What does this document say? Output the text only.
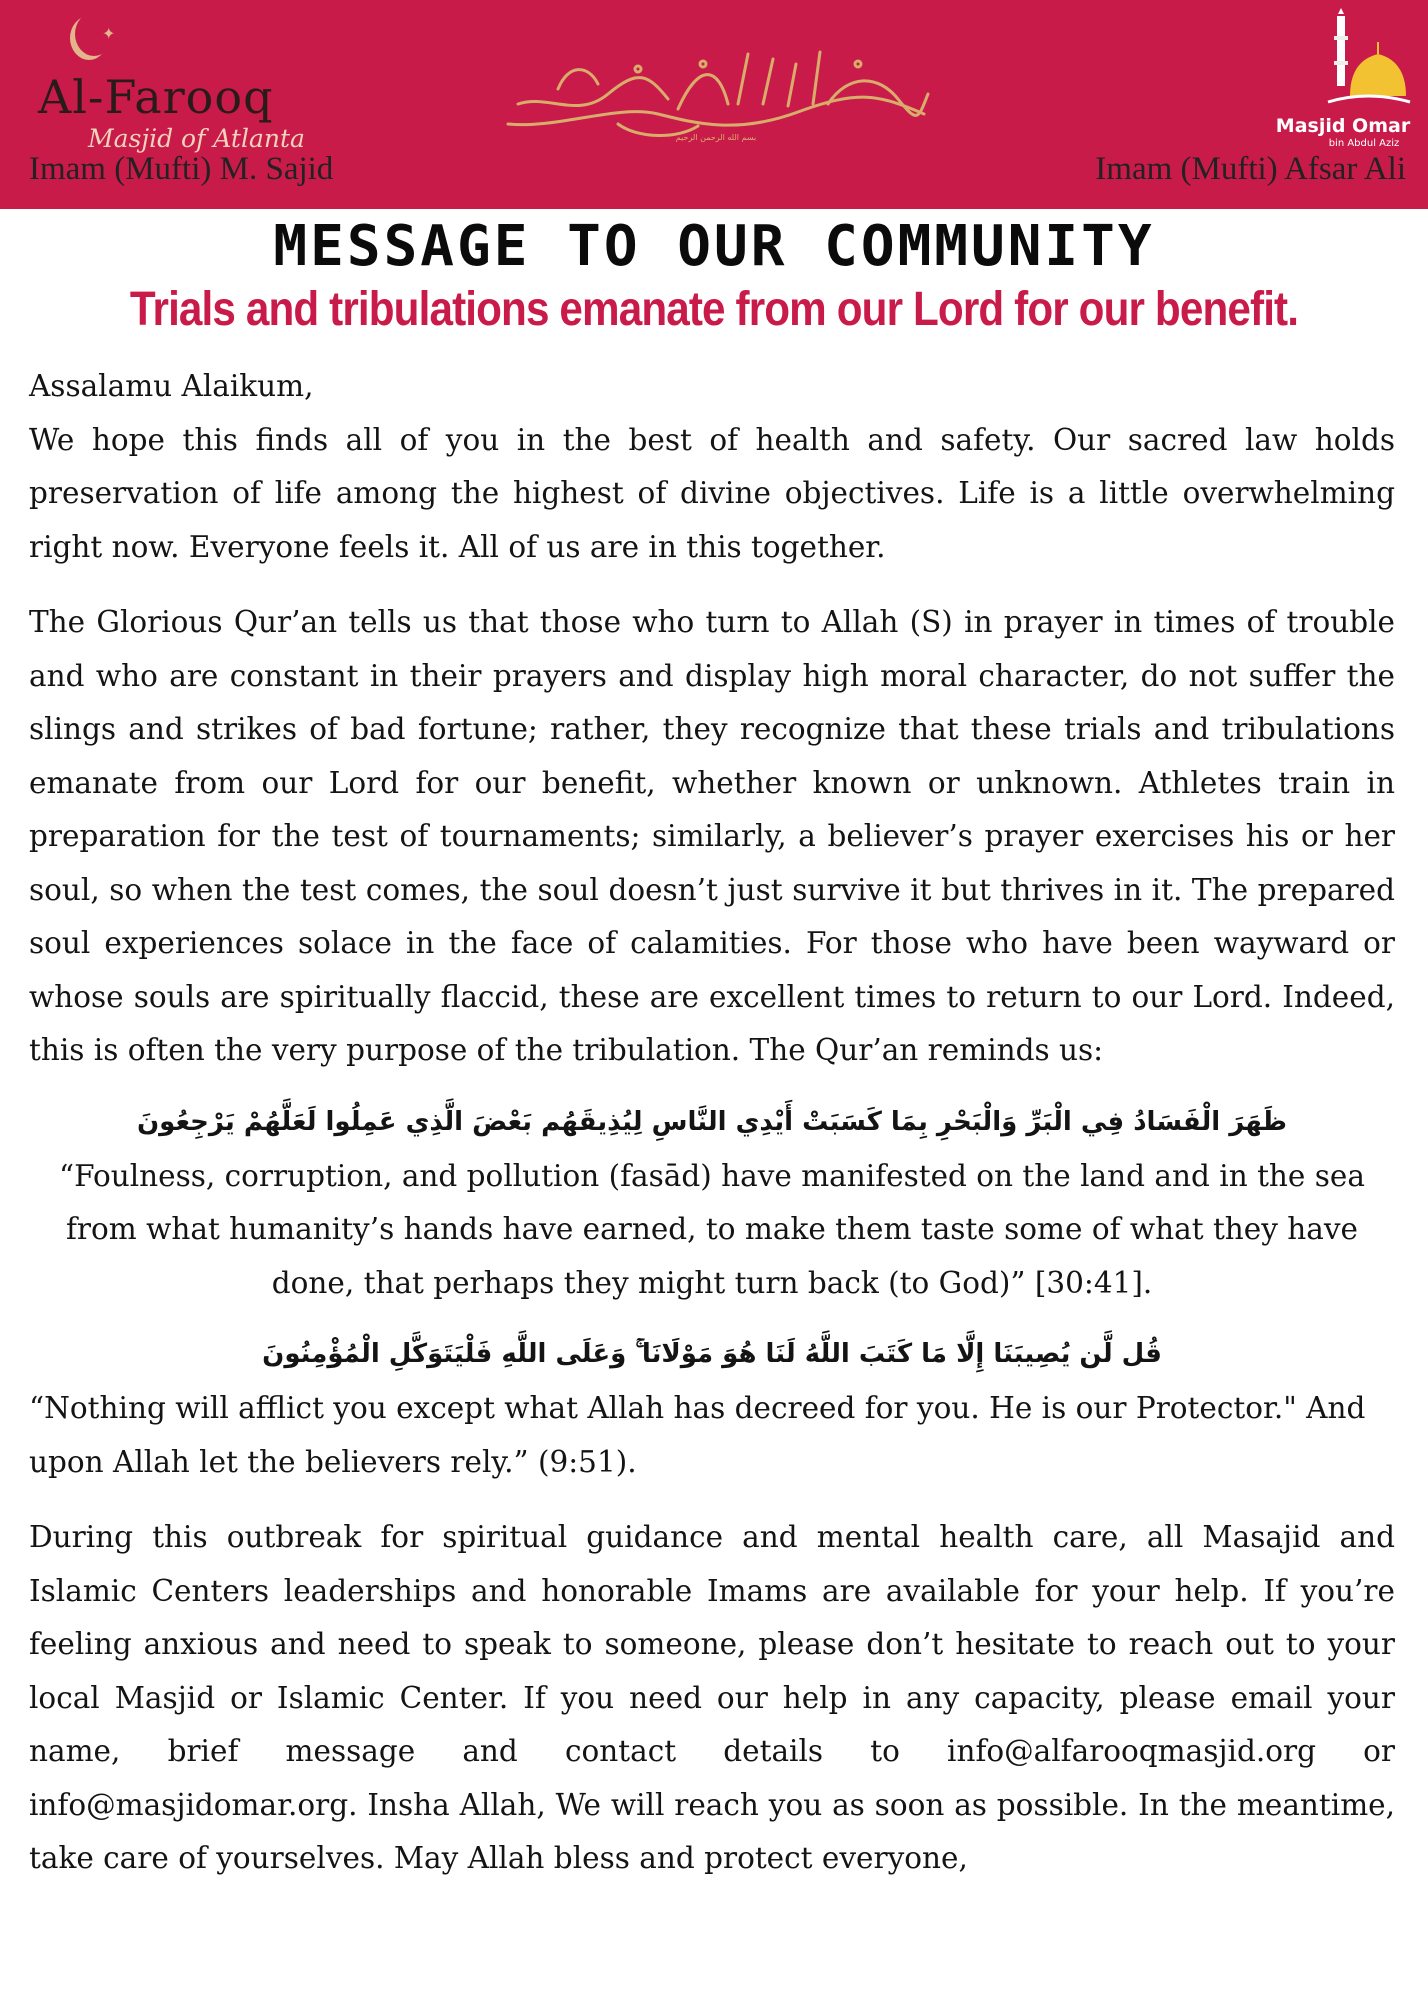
✦
Al-Farooq
Masjid of Atlanta	بسم الله الرحمن الرحيم
Masjid Omar
bin Abdul Aziz
Imam (Mufti) M. Sajid	Imam (Mufti) Afsar Ali
MESSAGE TO OUR COMMUNITY
Trials and tribulations emanate from our Lord for our benefit.

Assalamu Alaikum,

We hope this finds all of you in the best of health and safety. Our sacred law holds preservation of life among the highest of divine objectives. Life is a little overwhelming right now. Everyone feels it. All of us are in this together.

The Glorious Qur’an tells us that those who turn to Allah (S) in prayer in times of trouble and who are constant in their prayers and display high moral character, do not suffer the slings and strikes of bad fortune; rather, they recognize that these trials and tribulations emanate from our Lord for our benefit, whether known or unknown. Athletes train in preparation for the test of tournaments; similarly, a believer’s prayer exercises his or her soul, so when the test comes, the soul doesn’t just survive it but thrives in it. The prepared soul experiences solace in the face of calamities. For those who have been wayward or whose souls are spiritually flaccid, these are excellent times to return to our Lord. Indeed, this is often the very purpose of the tribulation. The Qur’an reminds us:

ظَهَرَ الْفَسَادُ فِي الْبَرِّ وَالْبَحْرِ بِمَا كَسَبَتْ أَيْدِي النَّاسِ لِيُذِيقَهُم بَعْضَ الَّذِي عَمِلُوا لَعَلَّهُمْ يَرْجِعُونَ

“Foulness, corruption, and pollution (fasād) have manifested on the land and in the sea from what humanity’s hands have earned, to make them taste some of what they have done, that perhaps they might turn back (to God)” [30:41].

قُل لَّن يُصِيبَنَا إِلَّا مَا كَتَبَ اللَّهُ لَنَا هُوَ مَوْلَانَا ۚ وَعَلَى اللَّهِ فَلْيَتَوَكَّلِ الْمُؤْمِنُونَ

“Nothing will afflict you except what Allah has decreed for you. He is our Protector." And upon Allah let the believers rely.” (9:51).

During this outbreak for spiritual guidance and mental health care, all Masajid and Islamic Centers leaderships and honorable Imams are available for your help. If you’re feeling anxious and need to speak to someone, please don’t hesitate to reach out to your local Masjid or Islamic Center. If you need our help in any capacity, please email your name, brief message and contact details to info@alfarooqmasjid.org or info@masjidomar.org. Insha Allah, We will reach you as soon as possible. In the meantime, take care of yourselves. May Allah bless and protect everyone,
